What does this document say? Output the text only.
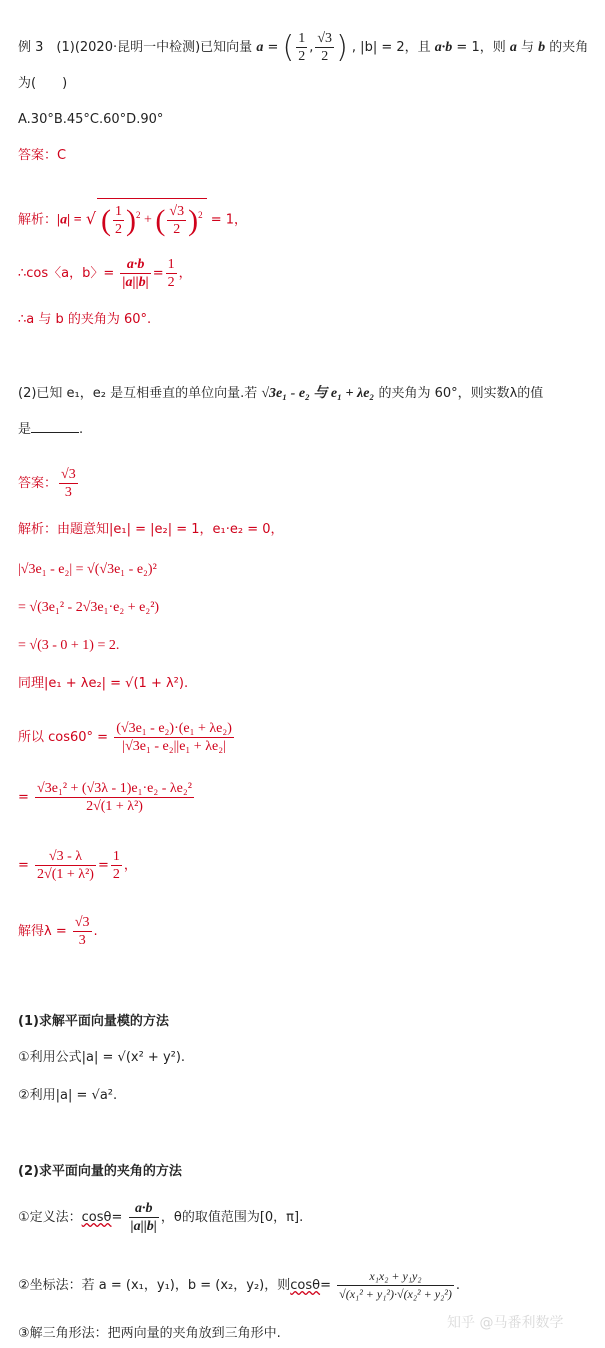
例 3　(1)(2020·昆明一中检测)已知向量 a = ( $\frac{1}{2}$ , $\frac{√3}{2}$ ) , |b| = 2，且 a·b = 1，则 a 与 b 的夹角
为(　　)
A.30°B.45°C.60°D.90°
答案：C
解析：|a| = √ ( $\frac{1}{2} )^2$ + ( $\frac{√3}{2} )^2 = 1$，
∴cos〈a，b〉= $\frac{a\cdot b}{|a||b|} = \frac{1}{2}$ ，
∴a 与 b 的夹角为 60°.
(2)已知 e₁，e₂ 是互相垂直的单位向量.若 √3e₁ - e₂ 与 e₁ + λe₂ 的夹角为 60°，则实数λ的值
是	.
答案： $\frac{√3}{3}$
解析：由题意知|e₁| = |e₂| = 1，e₁·e₂ = 0，
|√3e₁ - e₂| = √(√3e₁ - e₂)²
= √(3e₁² - 2√3e₁·e₂ + e₂²)
= √(3 - 0 + 1) = 2.
同理|e₁ + λe₂| = √(1 + λ²).
所以 $\cos 60^\circ = \frac{\text{(√3e₁ - e₂)·(e₁ + λe₂)}}{\text{|√3e₁ - e₂||e₁ + λe₂|}}$
= $\frac{\text{√3e₁² + (√3λ - 1)e₁·e₂ - λe₂²}}{\text{2√(1 + λ²)}}$
= $\frac{√3 - \lambda}{\text{2√(1 + λ²)}} = \frac{1}{2}$ ，
解得$\lambda = \frac{√3}{3}$ .
(1)求解平面向量模的方法
①利用公式|a| = √(x² + y²).
②利用|a| = √a².
(2)求平面向量的夹角的方法
①定义法：$\cos\theta= \frac{a\cdot b}{|a||b|}$ ，θ的取值范围为[0，π].
②坐标法：若 a = (x₁，y₁)，b = (x₂，y₂)，则$\cos\theta= \frac{\text{x₁x₂ + y₁y₂}}{\text{√(x₁² + y₁²)·√(x₂² + y₂²)}}$ .
③解三角形法：把两向量的夹角放到三角形中.
知乎 @马番利数学
